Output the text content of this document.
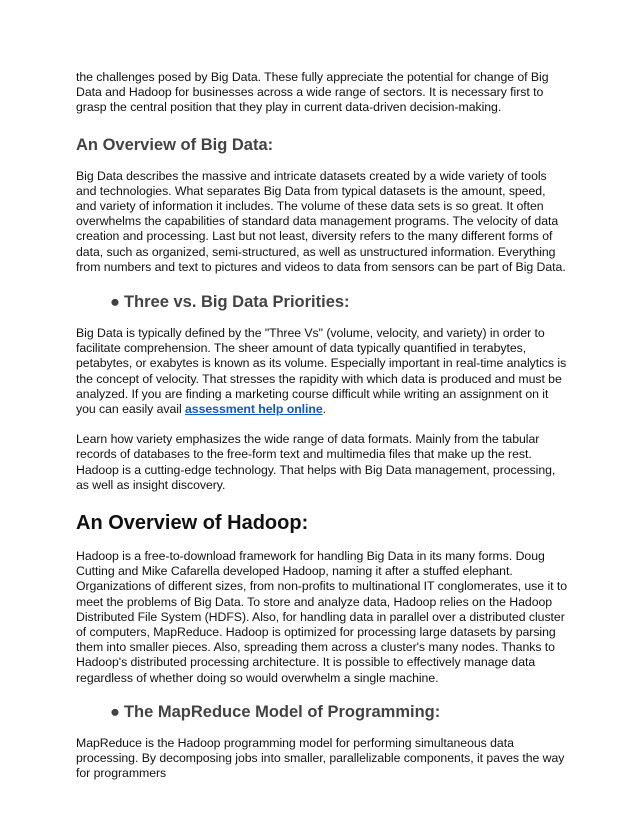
the challenges posed by Big Data. These fully appreciate the potential for change of Big Data and Hadoop for businesses across a wide range of sectors. It is necessary first to grasp the central position that they play in current data-driven decision-making.

An Overview of Big Data:

Big Data describes the massive and intricate datasets created by a wide variety of tools and technologies. What separates Big Data from typical datasets is the amount, speed, and variety of information it includes. The volume of these data sets is so great. It often overwhelms the capabilities of standard data management programs. The velocity of data creation and processing. Last but not least, diversity refers to the many different forms of data, such as organized, semi-structured, as well as unstructured information. Everything from numbers and text to pictures and videos to data from sensors can be part of Big Data.

● Three vs. Big Data Priorities:

Big Data is typically defined by the "Three Vs" (volume, velocity, and variety) in order to facilitate comprehension. The sheer amount of data typically quantified in terabytes, petabytes, or exabytes is known as its volume. Especially important in real-time analytics is the concept of velocity. That stresses the rapidity with which data is produced and must be analyzed. If you are finding a marketing course difficult while writing an assignment on it you can easily avail assessment help online.

Learn how variety emphasizes the wide range of data formats. Mainly from the tabular records of databases to the free-form text and multimedia files that make up the rest. Hadoop is a cutting-edge technology. That helps with Big Data management, processing, as well as insight discovery.

An Overview of Hadoop:

Hadoop is a free-to-download framework for handling Big Data in its many forms. Doug Cutting and Mike Cafarella developed Hadoop, naming it after a stuffed elephant. Organizations of different sizes, from non-profits to multinational IT conglomerates, use it to meet the problems of Big Data. To store and analyze data, Hadoop relies on the Hadoop Distributed File System (HDFS). Also, for handling data in parallel over a distributed cluster of computers, MapReduce. Hadoop is optimized for processing large datasets by parsing them into smaller pieces. Also, spreading them across a cluster's many nodes. Thanks to Hadoop's distributed processing architecture. It is possible to effectively manage data regardless of whether doing so would overwhelm a single machine.

● The MapReduce Model of Programming:

MapReduce is the Hadoop programming model for performing simultaneous data processing. By decomposing jobs into smaller, parallelizable components, it paves the way for programmers
